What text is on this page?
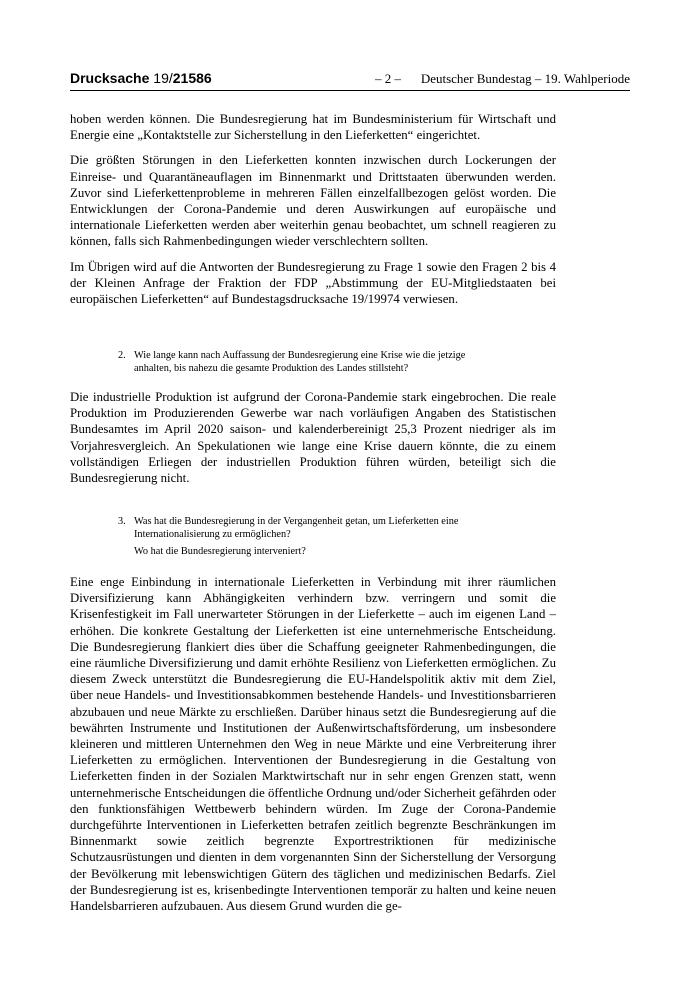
Drucksache 19/21586	– 2 – Deutscher Bundestag – 19. Wahlperiode

hoben werden können. Die Bundesregierung hat im Bundesministerium für Wirtschaft und Energie eine „Kontaktstelle zur Sicherstellung in den Lieferketten“ eingerichtet.

Die größten Störungen in den Lieferketten konnten inzwischen durch Lockerungen der Einreise- und Quarantäneauflagen im Binnenmarkt und Drittstaaten überwunden werden. Zuvor sind Lieferkettenprobleme in mehreren Fällen einzelfallbezogen gelöst worden. Die Entwicklungen der Corona-Pandemie und deren Auswirkungen auf europäische und internationale Lieferketten werden aber weiterhin genau beobachtet, um schnell reagieren zu können, falls sich Rahmenbedingungen wieder verschlechtern sollten.

Im Übrigen wird auf die Antworten der Bundesregierung zu Frage 1 sowie den Fragen 2 bis 4 der Kleinen Anfrage der Fraktion der FDP „Abstimmung der EU-Mitgliedstaaten bei europäischen Lieferketten“ auf Bundestagsdrucksache 19/19974 verwiesen.

2. Wie lange kann nach Auffassung der Bundesregierung eine Krise wie die jetzige anhalten, bis nahezu die gesamte Produktion des Landes stillsteht?

Die industrielle Produktion ist aufgrund der Corona-Pandemie stark eingebrochen. Die reale Produktion im Produzierenden Gewerbe war nach vorläufigen Angaben des Statistischen Bundesamtes im April 2020 saison- und kalenderbereinigt 25,3 Prozent niedriger als im Vorjahresvergleich. An Spekulationen wie lange eine Krise dauern könnte, die zu einem vollständigen Erliegen der industriellen Produktion führen würden, beteiligt sich die Bundesregierung nicht.

3. Was hat die Bundesregierung in der Vergangenheit getan, um Lieferketten eine Internationalisierung zu ermöglichen?
Wo hat die Bundesregierung interveniert?

Eine enge Einbindung in internationale Lieferketten in Verbindung mit ihrer räumlichen Diversifizierung kann Abhängigkeiten verhindern bzw. verringern und somit die Krisenfestigkeit im Fall unerwarteter Störungen in der Lieferkette – auch im eigenen Land – erhöhen. Die konkrete Gestaltung der Lieferketten ist eine unternehmerische Entscheidung. Die Bundesregierung flankiert dies über die Schaffung geeigneter Rahmenbedingungen, die eine räumliche Diversifizierung und damit erhöhte Resilienz von Lieferketten ermöglichen. Zu diesem Zweck unterstützt die Bundesregierung die EU-Handelspolitik aktiv mit dem Ziel, über neue Handels- und Investitionsabkommen bestehende Handels- und Investitionsbarrieren abzubauen und neue Märkte zu erschließen. Darüber hinaus setzt die Bundesregierung auf die bewährten Instrumente und Institutionen der Außenwirtschaftsförderung, um insbesondere kleineren und mittleren Unternehmen den Weg in neue Märkte und eine Verbreiterung ihrer Lieferketten zu ermöglichen. Interventionen der Bundesregierung in die Gestaltung von Lieferketten finden in der Sozialen Marktwirtschaft nur in sehr engen Grenzen statt, wenn unternehmerische Entscheidungen die öffentliche Ordnung und/oder Sicherheit gefährden oder den funktionsfähigen Wettbewerb behindern würden. Im Zuge der Corona-Pandemie durchgeführte Interventionen in Lieferketten betrafen zeitlich begrenzte Beschränkungen im Binnenmarkt sowie zeitlich begrenzte Exportrestriktionen für medizinische Schutzausrüstungen und dienten in dem vorgenannten Sinn der Sicherstellung der Versorgung der Bevölkerung mit lebenswichtigen Gütern des täglichen und medizinischen Bedarfs. Ziel der Bundesregierung ist es, krisenbedingte Interventionen temporär zu halten und keine neuen Handelsbarrieren aufzubauen. Aus diesem Grund wurden die ge-
